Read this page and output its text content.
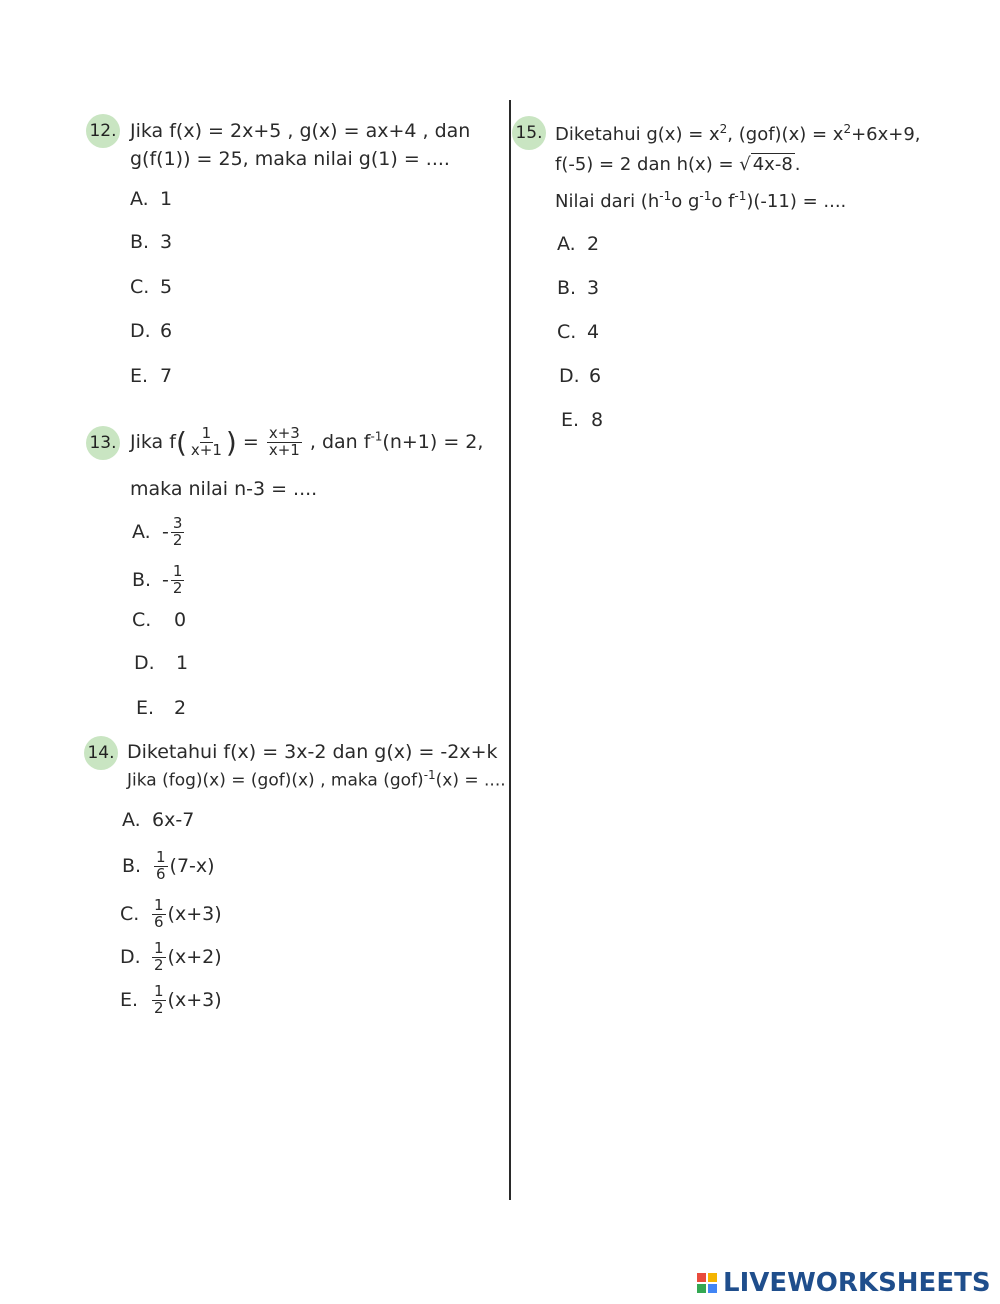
12. Jika f(x) = 2x+5 , g(x) = ax+4 , dan
g(f(1)) = 25, maka nilai g(1) = ....
A. 1
B. 3
C. 5
D. 6
E. 7
13. Jika $f( \frac{1}{x+1}$ ) = $\frac{x+3}{x+1}$ , dan $f^{-1}(n+1) = 2$,
maka nilai n-3 = ....
A. - $\frac{3}{2}$
B. - $\frac{1}{2}$
C. 0
D. 1
E. 2
14. Diketahui f(x) = 3x-2 dan g(x) = -2x+k
Jika (fog)(x) = (gof)(x) , maka (gof)$^{-1}$(x) = ....
A. 6x-7
B. $\frac{1}{6} (7-x)$
C. $\frac{1}{6} (x+3)$
D. $\frac{1}{2} (x+2)$
E. $\frac{1}{2} (x+3)$
15. Diketahui $g(x) = x^2$, $(gof)(x) = x^2+6x+9$,
f(-5) = 2 dan h(x) = √ 4x-8 .
Nilai dari ($h^{-1}o$ $g^{-1}o$ $f^{-1})(-11)$ = ....
A. 2
B. 3
C. 4
D. 6
E. 8
LIVEWORKSHEETS
